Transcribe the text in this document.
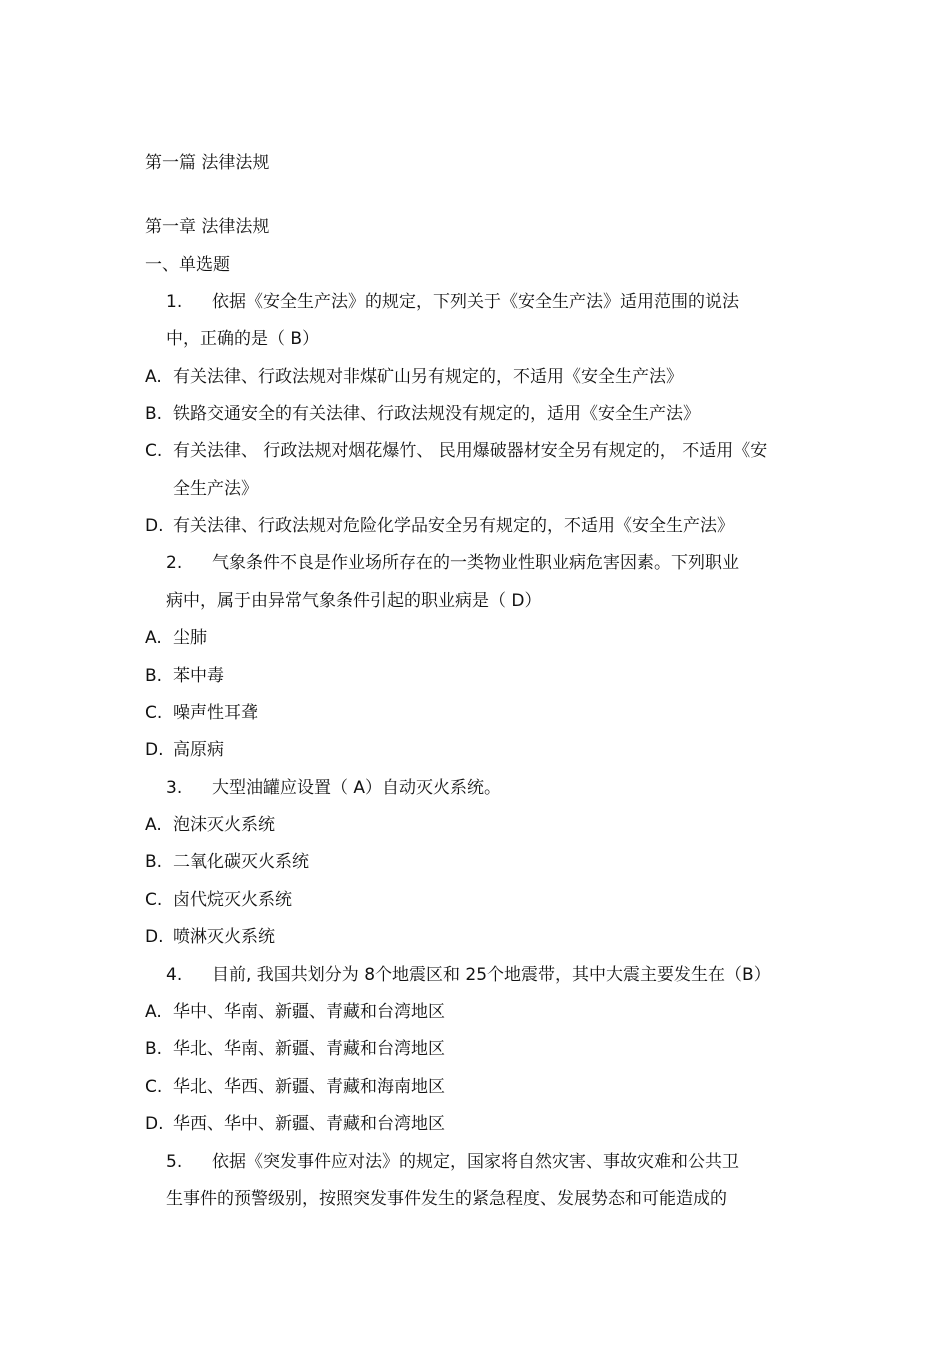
第一篇 法律法规
第一章 法律法规
一、单选题
1. 依据《安全生产法》的规定，下列关于《安全生产法》适用范围的说法
中，正确的是（ B）
A. 有关法律、行政法规对非煤矿山另有规定的，不适用《安全生产法》
B. 铁路交通安全的有关法律、行政法规没有规定的，适用《安全生产法》
C. 有关法律、 行政法规对烟花爆竹、 民用爆破器材安全另有规定的， 不适用《安
全生产法》
D. 有关法律、行政法规对危险化学品安全另有规定的，不适用《安全生产法》
2. 气象条件不良是作业场所存在的一类物业性职业病危害因素。下列职业
病中，属于由异常气象条件引起的职业病是（ D）
A. 尘肺
B. 苯中毒
C. 噪声性耳聋
D. 高原病
3. 大型油罐应设置（ A）自动灭火系统。
A. 泡沫灭火系统
B. 二氧化碳灭火系统
C. 卤代烷灭火系统
D. 喷淋灭火系统
4. 目前, 我国共划分为 8个地震区和 25个地震带，其中大震主要发生在（B）
A. 华中、华南、新疆、青藏和台湾地区
B. 华北、华南、新疆、青藏和台湾地区
C. 华北、华西、新疆、青藏和海南地区
D. 华西、华中、新疆、青藏和台湾地区
5. 依据《突发事件应对法》的规定，国家将自然灾害、事故灾难和公共卫
生事件的预警级别，按照突发事件发生的紧急程度、发展势态和可能造成的
